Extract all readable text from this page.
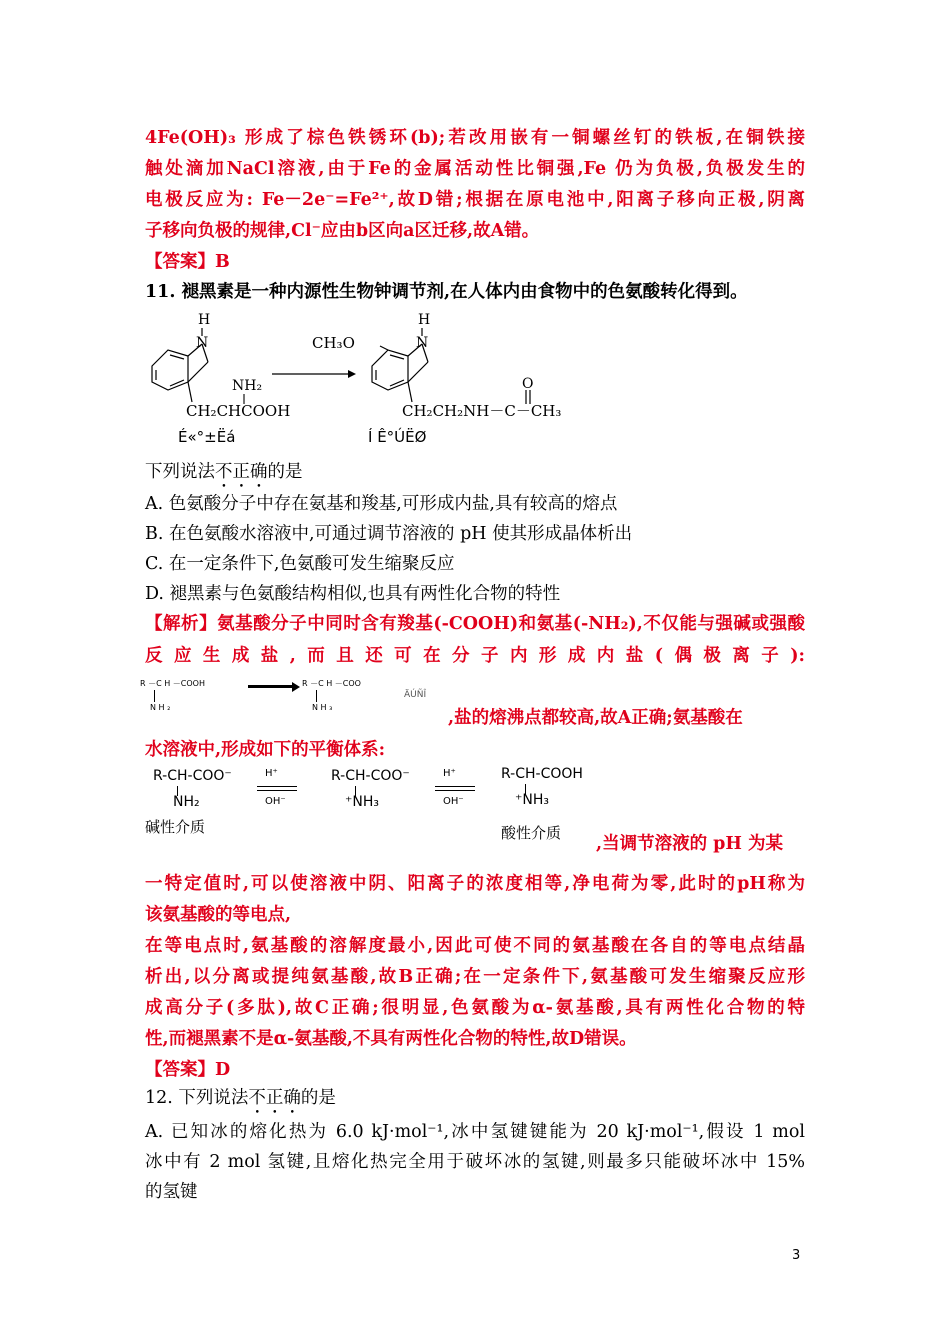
4Fe(OH)₃ 形成了棕色铁锈环(b);若改用嵌有一铜螺丝钉的铁板,在铜铁接
触处滴加NaCl溶液,由于Fe的金属活动性比铜强,Fe 仍为负极,负极发生的
电极反应为: Fe－2e⁻=Fe²⁺,故D错;根据在原电池中,阳离子移向正极,阴离
子移向负极的规律,Cl⁻应由b区向a区迁移,故A错。
【答案】B
11. 褪黑素是一种内源性生物钟调节剂,在人体内由食物中的色氨酸转化得到。
H
N
NH₂
CH₂CHCOOH
É«°±Ëá
H
N
CH₃O
O
CH₂CH₂NH－C－CH₃
Í Ê°ÚËØ
下列说法不正确的是
A. 色氨酸分子中存在氨基和羧基,可形成内盐,具有较高的熔点
B. 在色氨酸水溶液中,可通过调节溶液的 pH 使其形成晶体析出
C. 在一定条件下,色氨酸可发生缩聚反应
D. 褪黑素与色氨酸结构相似,也具有两性化合物的特性
【解析】氨基酸分子中同时含有羧基(-COOH)和氨基(-NH₂),不仅能与强碱或强酸
反应生成盐,而且还可在分子内形成内盐(偶极离子):
R －C H －COOH
N H ₂
R －C H －COO
N H ₃
ÄÚÑÎ
,盐的熔沸点都较高,故A正确;氨基酸在
水溶液中,形成如下的平衡体系:
R-CH-COO⁻
NH₂
碱性介质
H⁺
OH⁻
R-CH-COO⁻
⁺NH₃
H⁺
OH⁻
R-CH-COOH
⁺NH₃
酸性介质
,当调节溶液的 pH 为某
一特定值时,可以使溶液中阴、阳离子的浓度相等,净电荷为零,此时的pH称为
该氨基酸的等电点,
在等电点时,氨基酸的溶解度最小,因此可使不同的氨基酸在各自的等电点结晶
析出,以分离或提纯氨基酸,故B正确;在一定条件下,氨基酸可发生缩聚反应形
成高分子(多肽),故C正确;很明显,色氨酸为α-氨基酸,具有两性化合物的特
性,而褪黑素不是α-氨基酸,不具有两性化合物的特性,故D错误。
【答案】D
12. 下列说法不正确的是
A. 已知冰的熔化热为 6.0 kJ·mol⁻¹,冰中氢键键能为 20 kJ·mol⁻¹,假设 1 mol
冰中有 2 mol 氢键,且熔化热完全用于破坏冰的氢键,则最多只能破坏冰中 15%
的氢键
3
